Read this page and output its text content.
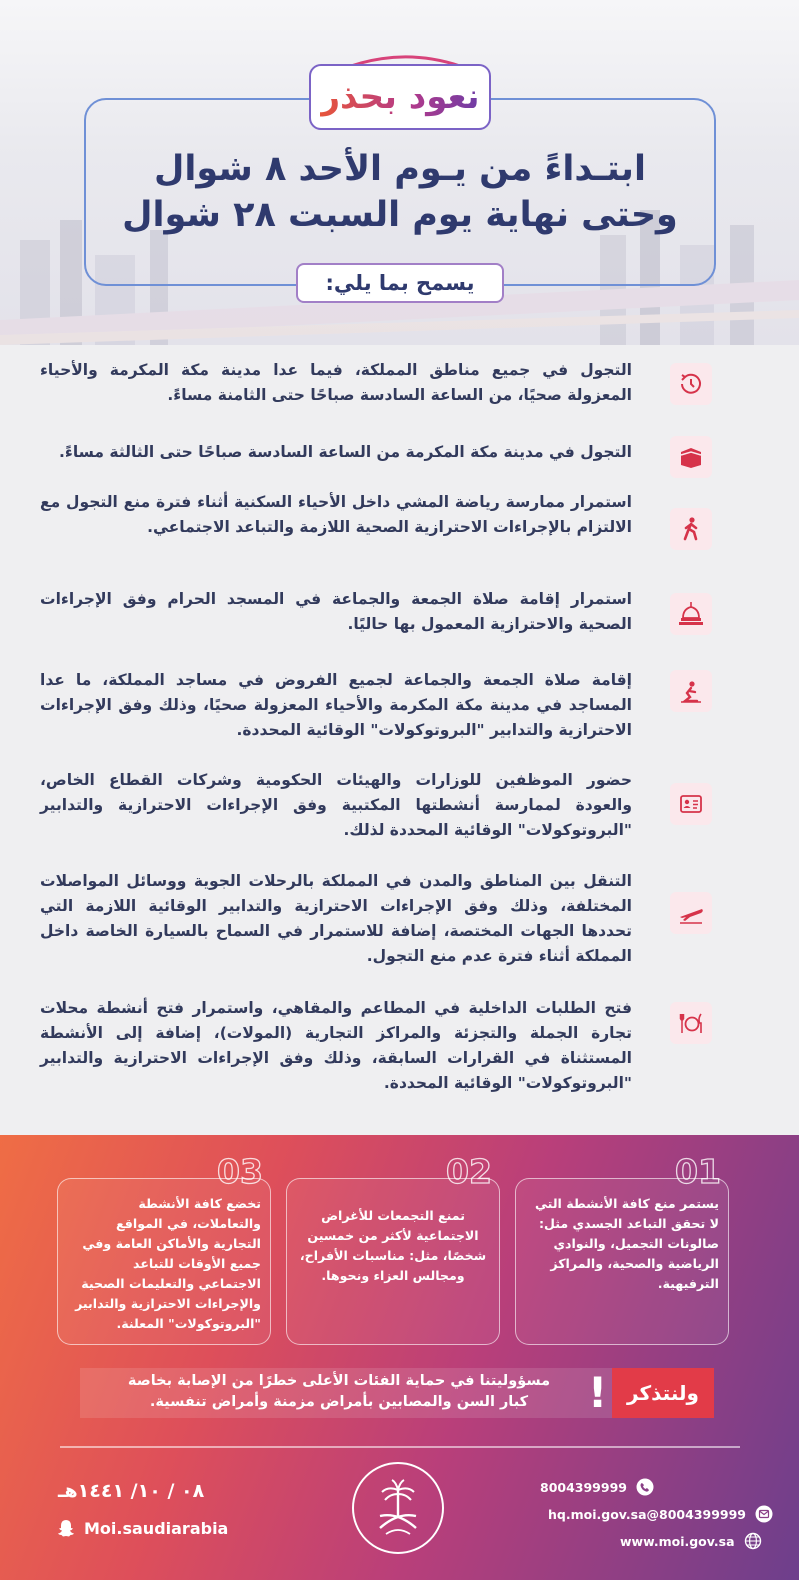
نعود بحذر
ابتـداءً من يـوم الأحد ٨ شوال
وحتى نهاية يوم السبت ٢٨ شوال
يسمح بما يلي:
التجول في جميع مناطق المملكة، فيما عدا مدينة مكة المكرمة والأحياء المعزولة صحيًا، من الساعة السادسة صباحًا حتى الثامنة مساءً.
التجول في مدينة مكة المكرمة من الساعة السادسة صباحًا حتى الثالثة مساءً.
استمرار ممارسة رياضة المشي داخل الأحياء السكنية أثناء فترة منع التجول مع الالتزام بالإجراءات الاحترازية الصحية اللازمة والتباعد الاجتماعي.
استمرار إقامة صلاة الجمعة والجماعة في المسجد الحرام وفق الإجراءات الصحية والاحترازية المعمول بها حاليًا.
إقامة صلاة الجمعة والجماعة لجميع الفروض في مساجد المملكة، ما عدا المساجد في مدينة مكة المكرمة والأحياء المعزولة صحيًا، وذلك وفق الإجراءات الاحترازية والتدابير "البروتوكولات" الوقائية المحددة.
حضور الموظفين للوزارات والهيئات الحكومية وشركات القطاع الخاص، والعودة لممارسة أنشطتها المكتبية وفق الإجراءات الاحترازية والتدابير "البروتوكولات" الوقائية المحددة لذلك.
التنقل بين المناطق والمدن في المملكة بالرحلات الجوية ووسائل المواصلات المختلفة، وذلك وفق الإجراءات الاحترازية والتدابير الوقائية اللازمة التي تحددها الجهات المختصة، إضافة للاستمرار في السماح بالسيارة الخاصة داخل المملكة أثناء فترة عدم منع التجول.
فتح الطلبات الداخلية في المطاعم والمقاهي، واستمرار فتح أنشطة محلات تجارة الجملة والتجزئة والمراكز التجارية (المولات)، إضافة إلى الأنشطة المستثناة في القرارات السابقة، وذلك وفق الإجراءات الاحترازية والتدابير "البروتوكولات" الوقائية المحددة.
01
يستمر منع كافة الأنشطة التي لا تحقق التباعد الجسدي مثل: صالونات التجميل، والنوادي الرياضية والصحية، والمراكز الترفيهية.
02
تمنع التجمعات للأغراض الاجتماعية لأكثر من خمسين شخصًا، مثل: مناسبات الأفراح، ومجالس العزاء ونحوها.
03
تخضع كافة الأنشطة والتعاملات، في المواقع التجارية والأماكن العامة وفي جميع الأوقات للتباعد الاجتماعي والتعليمات الصحية والإجراءات الاحترازية والتدابير "البروتوكولات" المعلنة.
ولنتذكر
!
مسؤوليتنا في حماية الفئات الأعلى خطرًا من الإصابة بخاصة
كبار السن والمصابين بأمراض مزمنة وأمراض تنفسية.
8004399999
8004399999@hq.moi.gov.sa
www.moi.gov.sa
٠٨ / ١٠/ ١٤٤١هـ
Moi.saudiarabia
